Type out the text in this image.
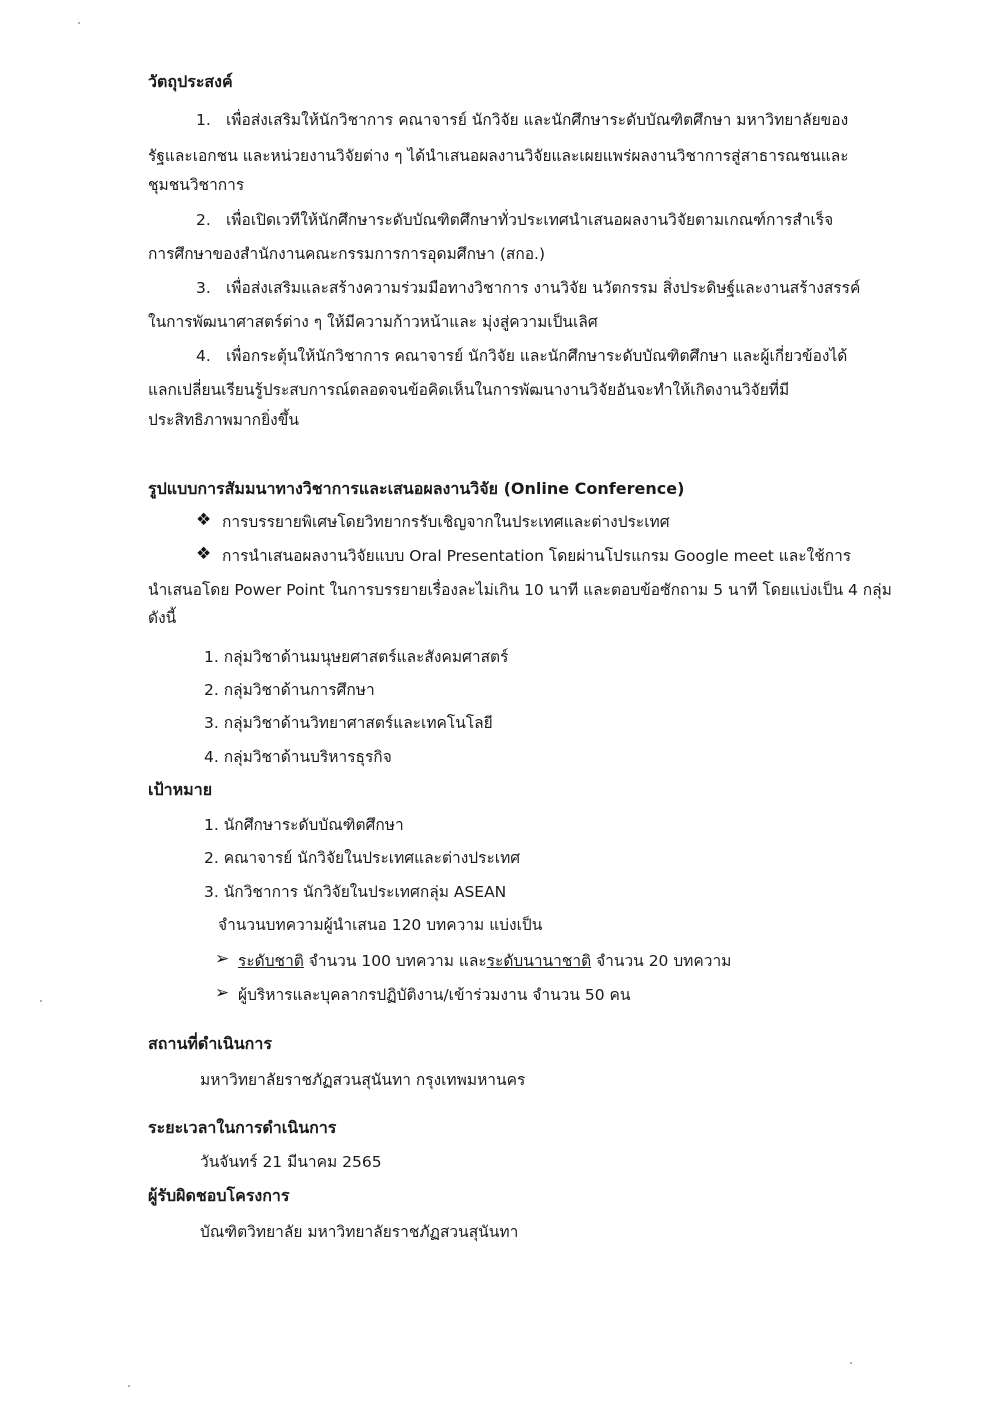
วัตถุประสงค์
1. เพื่อส่งเสริมให้นักวิชาการ คณาจารย์ นักวิจัย และนักศึกษาระดับบัณฑิตศึกษา มหาวิทยาลัยของ
รัฐและเอกชน และหน่วยงานวิจัยต่าง ๆ ได้นำเสนอผลงานวิจัยและเผยแพร่ผลงานวิชาการสู่สาธารณชนและ
ชุมชนวิชาการ
2. เพื่อเปิดเวทีให้นักศึกษาระดับบัณฑิตศึกษาทั่วประเทศนำเสนอผลงานวิจัยตามเกณฑ์การสำเร็จ
การศึกษาของสำนักงานคณะกรรมการการอุดมศึกษา (สกอ.)
3. เพื่อส่งเสริมและสร้างความร่วมมือทางวิชาการ งานวิจัย นวัตกรรม สิ่งประดิษฐ์และงานสร้างสรรค์
ในการพัฒนาศาสตร์ต่าง ๆ ให้มีความก้าวหน้าและ มุ่งสู่ความเป็นเลิศ
4. เพื่อกระตุ้นให้นักวิชาการ คณาจารย์ นักวิจัย และนักศึกษาระดับบัณฑิตศึกษา และผู้เกี่ยวข้องได้
แลกเปลี่ยนเรียนรู้ประสบการณ์ตลอดจนข้อคิดเห็นในการพัฒนางานวิจัยอันจะทำให้เกิดงานวิจัยที่มี
ประสิทธิภาพมากยิ่งขึ้น
รูปแบบการสัมมนาทางวิชาการและเสนอผลงานวิจัย (Online Conference)
❖ การบรรยายพิเศษโดยวิทยากรรับเชิญจากในประเทศและต่างประเทศ
❖ การนำเสนอผลงานวิจัยแบบ Oral Presentation โดยผ่านโปรแกรม Google meet และใช้การ
นำเสนอโดย Power Point ในการบรรยายเรื่องละไม่เกิน 10 นาที และตอบข้อซักถาม 5 นาที โดยแบ่งเป็น 4 กลุ่ม
ดังนี้
1. กลุ่มวิชาด้านมนุษยศาสตร์และสังคมศาสตร์
2. กลุ่มวิชาด้านการศึกษา
3. กลุ่มวิชาด้านวิทยาศาสตร์และเทคโนโลยี
4. กลุ่มวิชาด้านบริหารธุรกิจ
เป้าหมาย
1. นักศึกษาระดับบัณฑิตศึกษา
2. คณาจารย์ นักวิจัยในประเทศและต่างประเทศ
3. นักวิชาการ นักวิจัยในประเทศกลุ่ม ASEAN
จำนวนบทความผู้นำเสนอ 120 บทความ แบ่งเป็น
➢ ระดับชาติ จำนวน 100 บทความ และระดับนานาชาติ จำนวน 20 บทความ
➢ ผู้บริหารและบุคลากรปฏิบัติงาน/เข้าร่วมงาน จำนวน 50 คน
สถานที่ดำเนินการ
มหาวิทยาลัยราชภัฏสวนสุนันทา กรุงเทพมหานคร
ระยะเวลาในการดำเนินการ
วันจันทร์ 21 มีนาคม 2565
ผู้รับผิดชอบโครงการ
บัณฑิตวิทยาลัย มหาวิทยาลัยราชภัฏสวนสุนันทา
